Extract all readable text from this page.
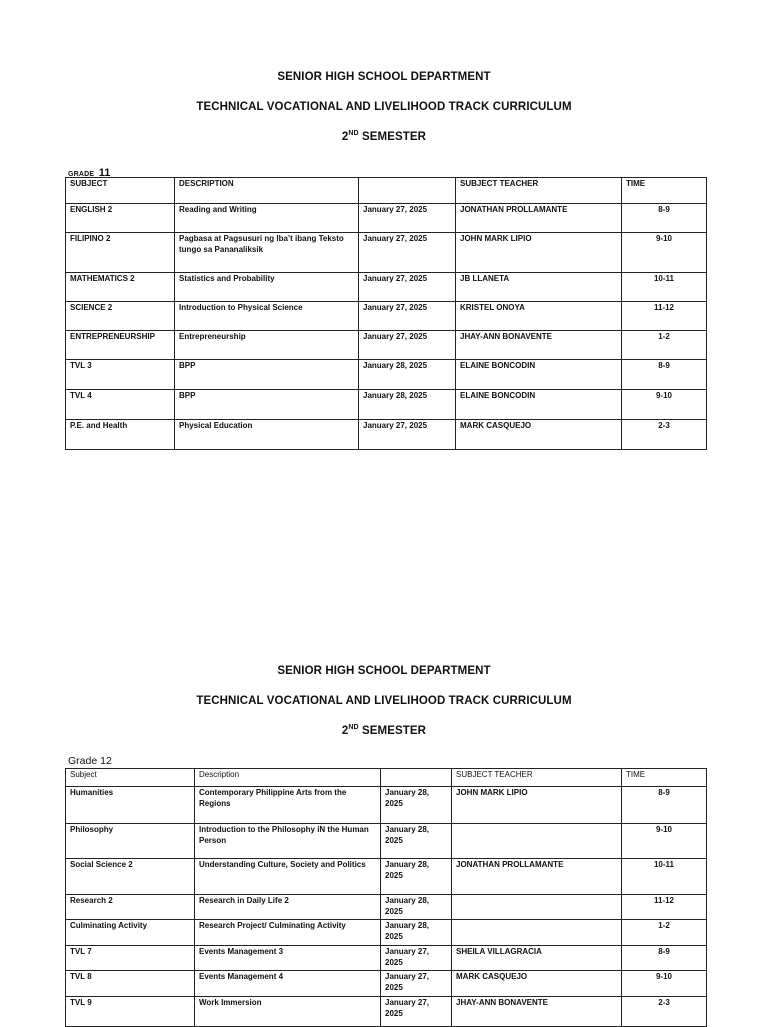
SENIOR HIGH SCHOOL DEPARTMENT
TECHNICAL VOCATIONAL AND LIVELIHOOD TRACK CURRICULUM
2ND SEMESTER
GRADE 11
SUBJECT	DESCRIPTION		SUBJECT TEACHER	TIME
ENGLISH 2	Reading and Writing	January 27, 2025	JONATHAN PROLLAMANTE	8-9
FILIPINO 2	Pagbasa at Pagsusuri ng Iba’t ibang Teksto tungo sa Pananaliksik	January 27, 2025	JOHN MARK LIPIO	9-10
MATHEMATICS 2	Statistics and Probability	January 27, 2025	JB LLANETA	10-11
SCIENCE 2	Introduction to Physical Science	January 27, 2025	KRISTEL ONOYA	11-12
ENTREPRENEURSHIP	Entrepreneurship	January 27, 2025	JHAY-ANN BONAVENTE	1-2
TVL 3	BPP	January 28, 2025	ELAINE BONCODIN	8-9
TVL 4	BPP	January 28, 2025	ELAINE BONCODIN	9-10
P.E. and Health	Physical Education	January 27, 2025	MARK CASQUEJO	2-3
SENIOR HIGH SCHOOL DEPARTMENT
TECHNICAL VOCATIONAL AND LIVELIHOOD TRACK CURRICULUM
2ND SEMESTER
Grade 12
Subject	Description		SUBJECT TEACHER	TIME
Humanities	Contemporary Philippine Arts from the Regions	January 28, 2025	JOHN MARK LIPIO	8-9
Philosophy	Introduction to the Philosophy iN the Human Person	January 28, 2025		9-10
Social Science 2	Understanding Culture, Society and Politics	January 28, 2025	JONATHAN PROLLAMANTE	10-11
Research 2	Research in Daily Life 2	January 28, 2025		11-12
Culminating Activity	Research Project/ Culminating Activity	January 28, 2025		1-2
TVL 7	Events Management 3	January 27, 2025	SHEILA VILLAGRACIA	8-9
TVL 8	Events Management 4	January 27, 2025	MARK CASQUEJO	9-10
TVL 9	Work Immersion	January 27, 2025	JHAY-ANN BONAVENTE	2-3
